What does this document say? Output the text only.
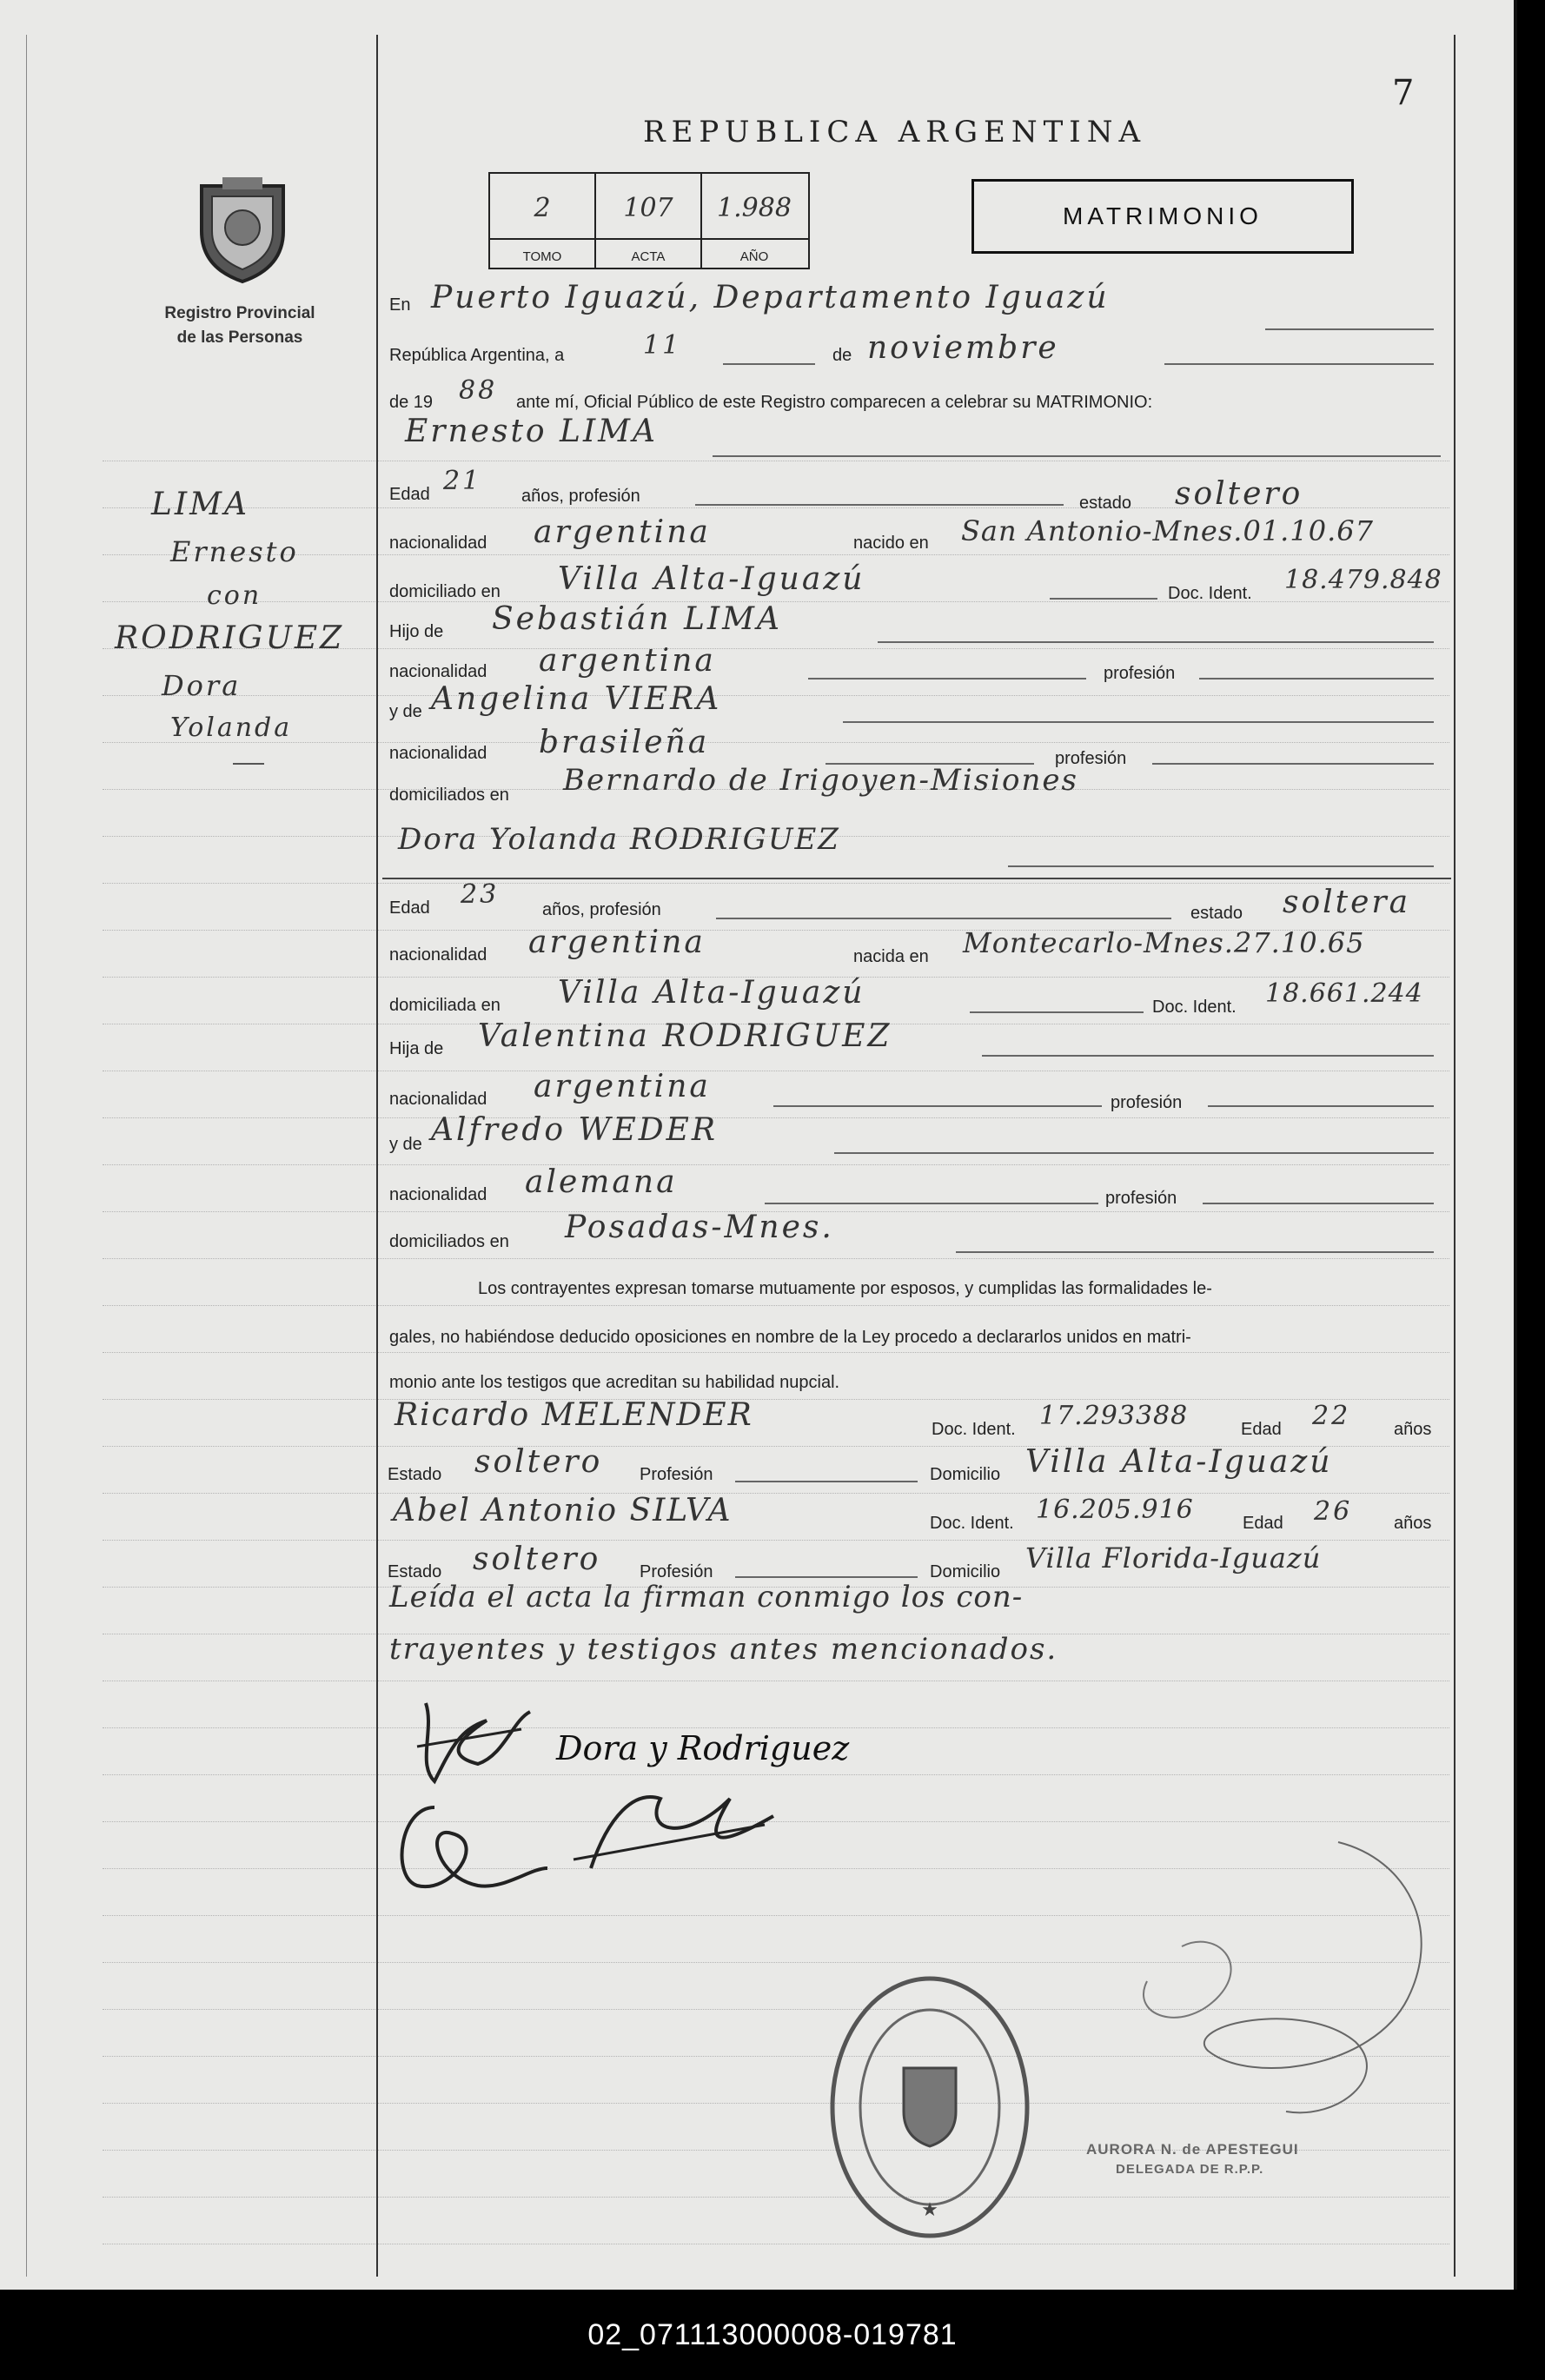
7
REPUBLICA ARGENTINA
MATRIMONIO
Registro Provincial
de las Personas
2
TOMO
107
ACTA
1.988
AÑO
LIMA
Ernesto
con
RODRIGUEZ
Dora
Yolanda
En Puerto Iguazú, Departamento Iguazú
República Argentina, a	11	de noviembre
de 19 88 ante mí, Oficial Público de este Registro comparecen a celebrar su MATRIMONIO:
Ernesto LIMA
Edad 21 años, profesión	estado soltero
nacionalidad argentina	nacido en San Antonio-Mnes.01.10.67
domiciliado en Villa Alta-Iguazú	Doc. Ident. 18.479.848
Hijo de Sebastián LIMA
nacionalidad argentina	profesión
y de Angelina VIERA
nacionalidad brasileña	profesión
domiciliados en Bernardo de Irigoyen-Misiones
Dora Yolanda RODRIGUEZ
Edad 23 años, profesión	estado soltera
nacionalidad argentina	nacida en Montecarlo-Mnes.27.10.65
domiciliada en Villa Alta-Iguazú	Doc. Ident. 18.661.244
Hija de Valentina RODRIGUEZ
nacionalidad argentina	profesión
y de Alfredo WEDER
nacionalidad alemana	profesión
domiciliados en Posadas-Mnes.
Los contrayentes expresan tomarse mutuamente por esposos, y cumplidas las formalidades le-
gales, no habiéndose deducido oposiciones en nombre de la Ley procedo a declararlos unidos en matri-
monio ante los testigos que acreditan su habilidad nupcial.
Ricardo MELENDER	Doc. Ident. 17.293388	Edad 22 años
Estado soltero Profesión	Domicilio Villa Alta-Iguazú
Abel Antonio SILVA	Doc. Ident. 16.205.916	Edad 26 años
Estado soltero Profesión	Domicilio Villa Florida-Iguazú
Leída el acta la firman conmigo los con-
trayentes y testigos antes mencionados.
Dora y Rodriguez
★
AURORA N. de APESTEGUI
DELEGADA DE R.P.P.
02_071113000008-019781
